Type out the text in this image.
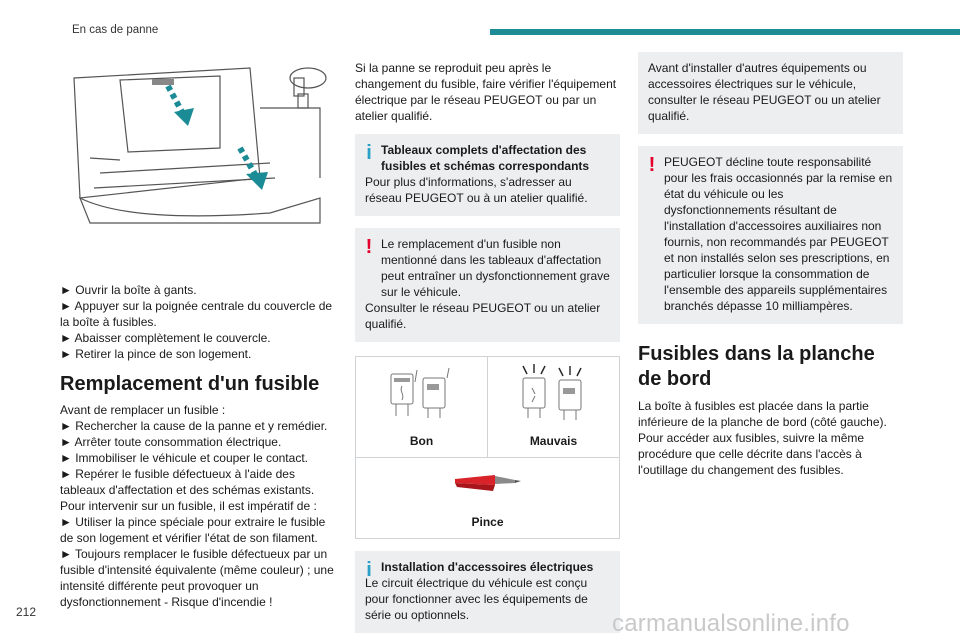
En cas de panne
► Ouvrir la boîte à gants.
► Appuyer sur la poignée centrale du couvercle de la boîte à fusibles.
► Abaisser complètement le couvercle.
► Retirer la pince de son logement.
Remplacement d'un fusible
Avant de remplacer un fusible :
► Rechercher la cause de la panne et y remédier.
► Arrêter toute consommation électrique.
► Immobiliser le véhicule et couper le contact.
► Repérer le fusible défectueux à l'aide des tableaux d'affectation et des schémas existants.
Pour intervenir sur un fusible, il est impératif de :
► Utiliser la pince spéciale pour extraire le fusible de son logement et vérifier l'état de son filament.
► Toujours remplacer le fusible défectueux par un fusible d'intensité équivalente (même couleur) ; une intensité différente peut provoquer un dysfonctionnement - Risque d'incendie !
Si la panne se reproduit peu après le changement du fusible, faire vérifier l'équipement électrique par le réseau PEUGEOT ou par un atelier qualifié.
i Tableaux complets d'affectation des fusibles et schémas correspondants
Pour plus d'informations, s'adresser au réseau PEUGEOT ou à un atelier qualifié.
! Le remplacement d'un fusible non mentionné dans les tableaux d'affectation peut entraîner un dysfonctionnement grave sur le véhicule.
Consulter le réseau PEUGEOT ou un atelier qualifié.
Bon	Mauvais
Pince
i Installation d'accessoires électriques
Le circuit électrique du véhicule est conçu pour fonctionner avec les équipements de série ou optionnels.
Avant d'installer d'autres équipements ou accessoires électriques sur le véhicule, consulter le réseau PEUGEOT ou un atelier qualifié.
! PEUGEOT décline toute responsabilité pour les frais occasionnés par la remise en état du véhicule ou les dysfonctionnements résultant de l'installation d'accessoires auxiliaires non fournis, non recommandés par PEUGEOT et non installés selon ses prescriptions, en particulier lorsque la consommation de l'ensemble des appareils supplémentaires branchés dépasse 10 milliampères.
Fusibles dans la planche de bord
La boîte à fusibles est placée dans la partie inférieure de la planche de bord (côté gauche). Pour accéder aux fusibles, suivre la même procédure que celle décrite dans l'accès à l'outillage du changement des fusibles.
212	carmanualsonline.info
